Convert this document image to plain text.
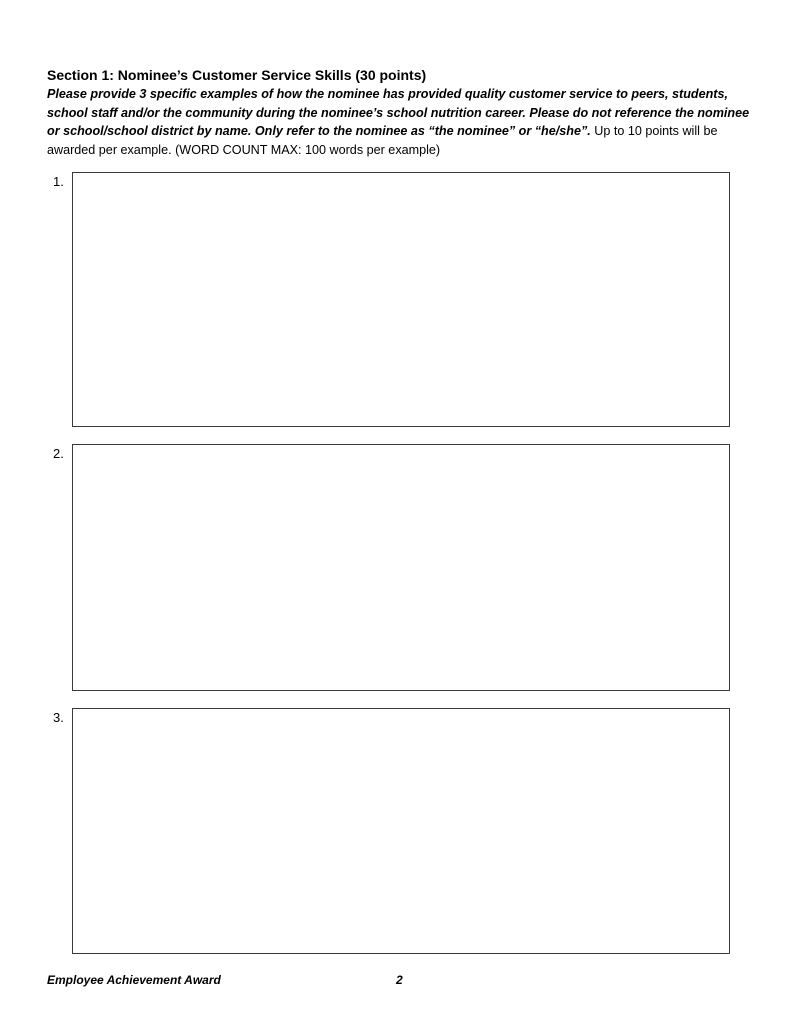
Section 1: Nominee’s Customer Service Skills (30 points)
Please provide 3 specific examples of how the nominee has provided quality customer service to peers, students, school staff and/or the community during the nominee’s school nutrition career. Please do not reference the nominee or school/school district by name. Only refer to the nominee as “the nominee” or “he/she”. Up to 10 points will be awarded per example. (WORD COUNT MAX: 100 words per example)
1.
2.
3.
Employee Achievement Award	2
